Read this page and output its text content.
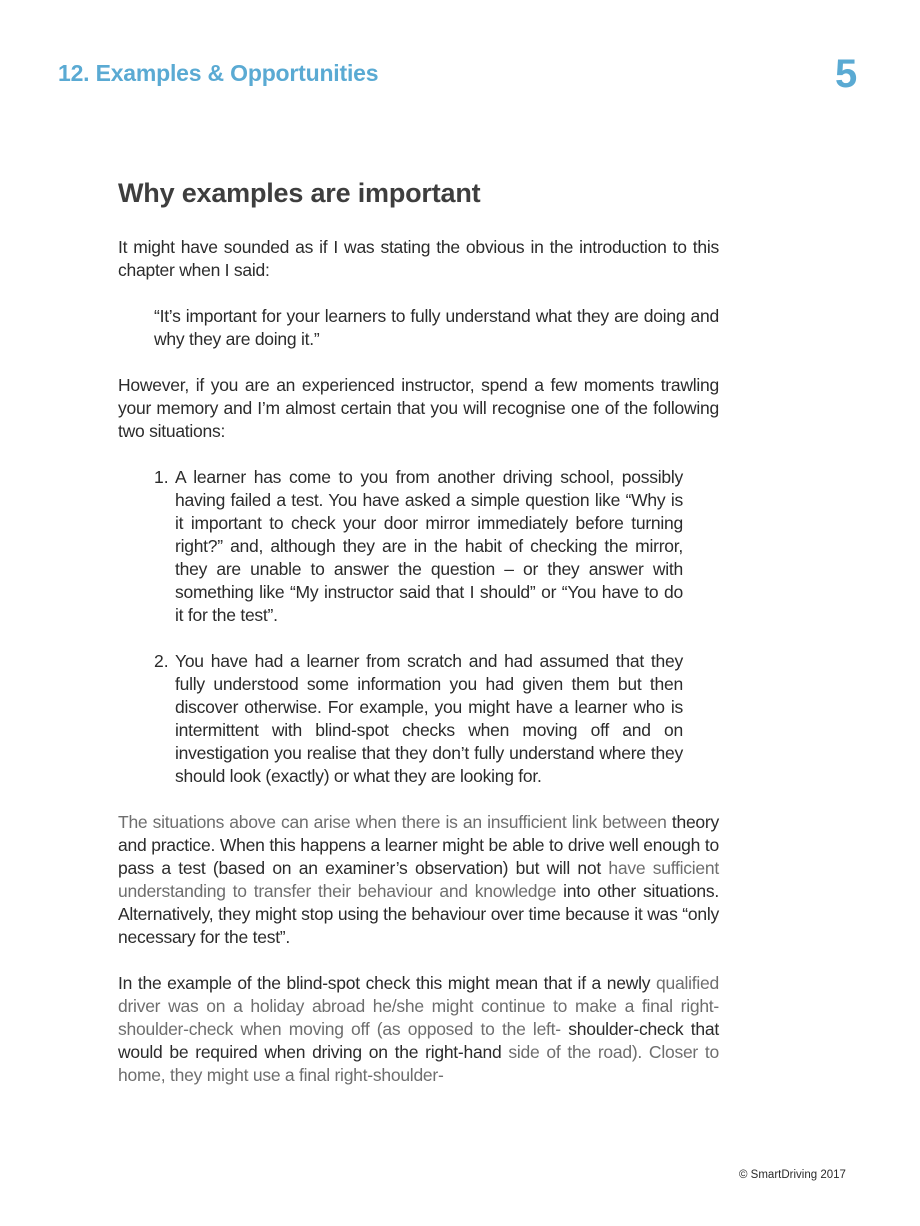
12. Examples & Opportunities	5
Why examples are important

It might have sounded as if I was stating the obvious in the introduction to this chapter when I said:

“It’s important for your learners to fully understand what they are doing and why they are doing it.”

However, if you are an experienced instructor, spend a few moments trawling your memory and I’m almost certain that you will recognise one of the following two situations:

1. A learner has come to you from another driving school, possibly having failed a test. You have asked a simple question like “Why is it important to check your door mirror immediately before turning right?” and, although they are in the habit of checking the mirror, they are unable to answer the question – or they answer with something like “My instructor said that I should” or “You have to do it for the test”.

2. You have had a learner from scratch and had assumed that they fully understood some information you had given them but then discover otherwise. For example, you might have a learner who is intermittent with blind-spot checks when moving off and on investigation you realise that they don’t fully understand where they should look (exactly) or what they are looking for.

The situations above can arise when there is an insufficient link between theory and practice. When this happens a learner might be able to drive well enough to pass a test (based on an examiner’s observation) but will not have sufficient understanding to transfer their behaviour and knowledge into other situations. Alternatively, they might stop using the behaviour over time because it was “only necessary for the test”.

In the example of the blind-spot check this might mean that if a newly qualified driver was on a holiday abroad he/she might continue to make a final right-shoulder-check when moving off (as opposed to the left- shoulder-check that would be required when driving on the right-hand side of the road). Closer to home, they might use a final right-shoulder-

© SmartDriving 2017
